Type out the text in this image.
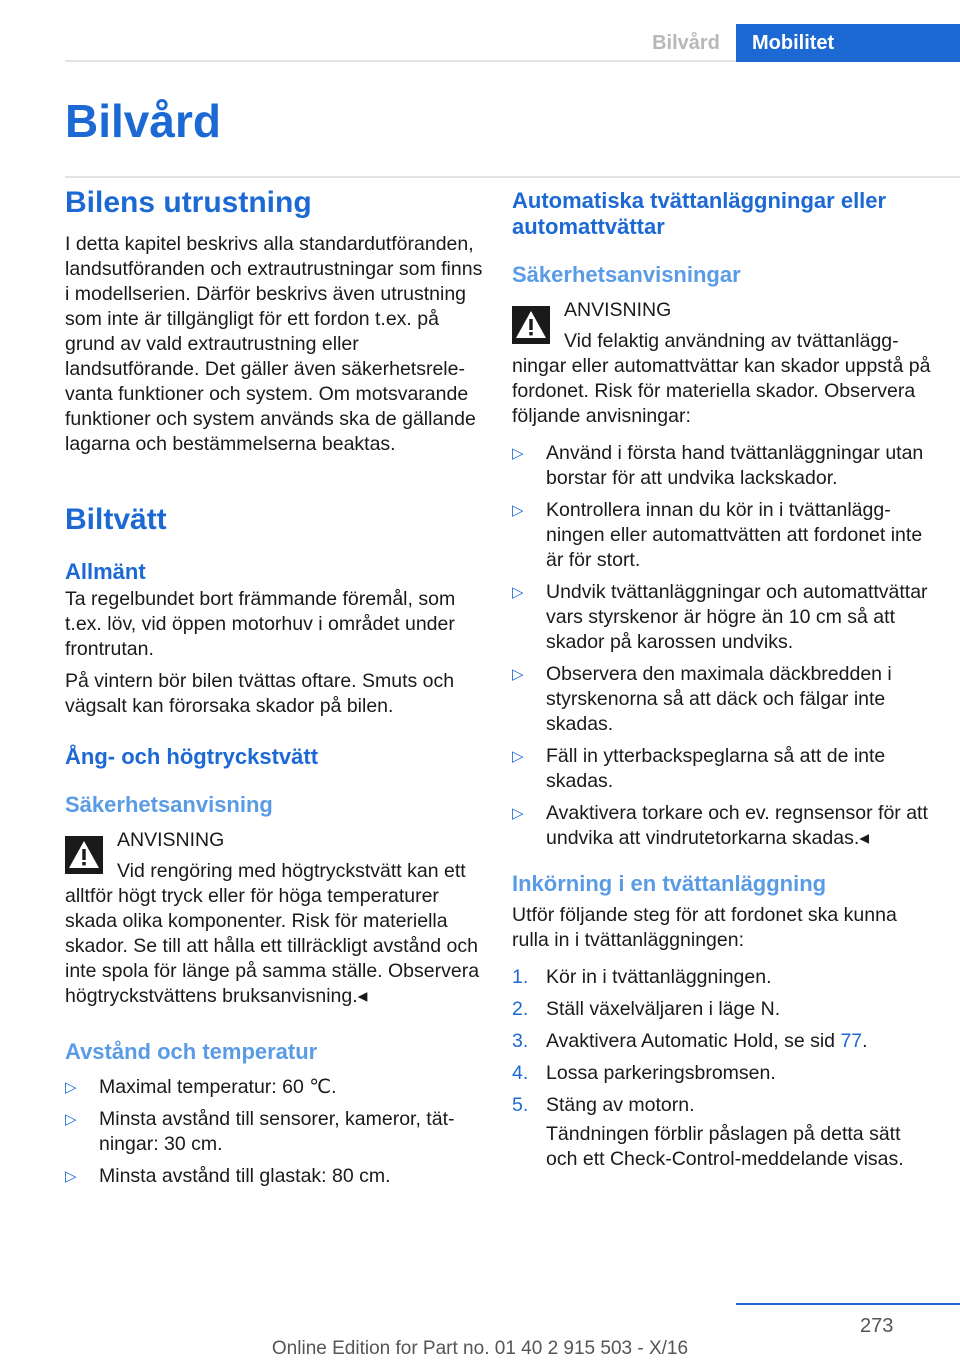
Bilvård	Mobilitet
Bilvård
Bilens utrustning

I detta kapitel beskrivs alla standardutföranden, landsutföranden och extrautrustningar som finns i modellserien. Därför beskrivs även utrustning som inte är tillgängligt för ett fordon t.ex. på grund av vald extrautrustning eller landsutförande. Det gäller även säkerhetsrelevanta funktioner och system. Om motsvarande funktioner och system används ska de gällande lagarna och bestämmelserna beaktas.

Biltvätt
Allmänt

Ta regelbundet bort främmande föremål, som t.ex. löv, vid öppen motorhuv i området under frontrutan.

På vintern bör bilen tvättas oftare. Smuts och vägsalt kan förorsaka skador på bilen.

Ång- och högtryckstvätt
Säkerhetsanvisning
ANVISNING
Vid rengöring med högtryckstvätt kan ett alltför högt tryck eller för höga temperaturer skada olika komponenter. Risk för materiella skador. Se till att hålla ett tillräckligt avstånd och inte spola för länge på samma ställe. Observera högtryckstvättens bruksanvisning.◂
Avstånd och temperatur
▷ Maximal temperatur: 60 ℃.
▷ Minsta avstånd till sensorer, kameror, tätningar: 30 cm.
▷ Minsta avstånd till glastak: 80 cm.
Automatiska tvättanläggningar eller automattvättar
Säkerhetsanvisningar
ANVISNING
Vid felaktig användning av tvättanläggningar eller automattvättar kan skador uppstå på fordonet. Risk för materiella skador. Observera följande anvisningar:
▷ Använd i första hand tvättanläggningar utan borstar för att undvika lackskador.
▷ Kontrollera innan du kör in i tvättanläggningen eller automattvätten att fordonet inte är för stort.
▷ Undvik tvättanläggningar och automattvättar vars styrskenor är högre än 10 cm så att skador på karossen undviks.
▷ Observera den maximala däckbredden i styrskenorna så att däck och fälgar inte skadas.
▷ Fäll in ytterbackspeglarna så att de inte skadas.
▷ Avaktivera torkare och ev. regnsensor för att undvika att vindrutetorkarna skadas.◂
Inkörning i en tvättanläggning

Utför följande steg för att fordonet ska kunna rulla in i tvättanläggningen:

1. Kör in i tvättanläggningen.
2. Ställ växelväljaren i läge N.
3. Avaktivera Automatic Hold, se sid 77.
4. Lossa parkeringsbromsen.
5. Stäng av motorn.

Tändningen förblir påslagen på detta sätt och ett Check-Control-meddelande visas.

273
Online Edition for Part no. 01 40 2 915 503 - X/16
